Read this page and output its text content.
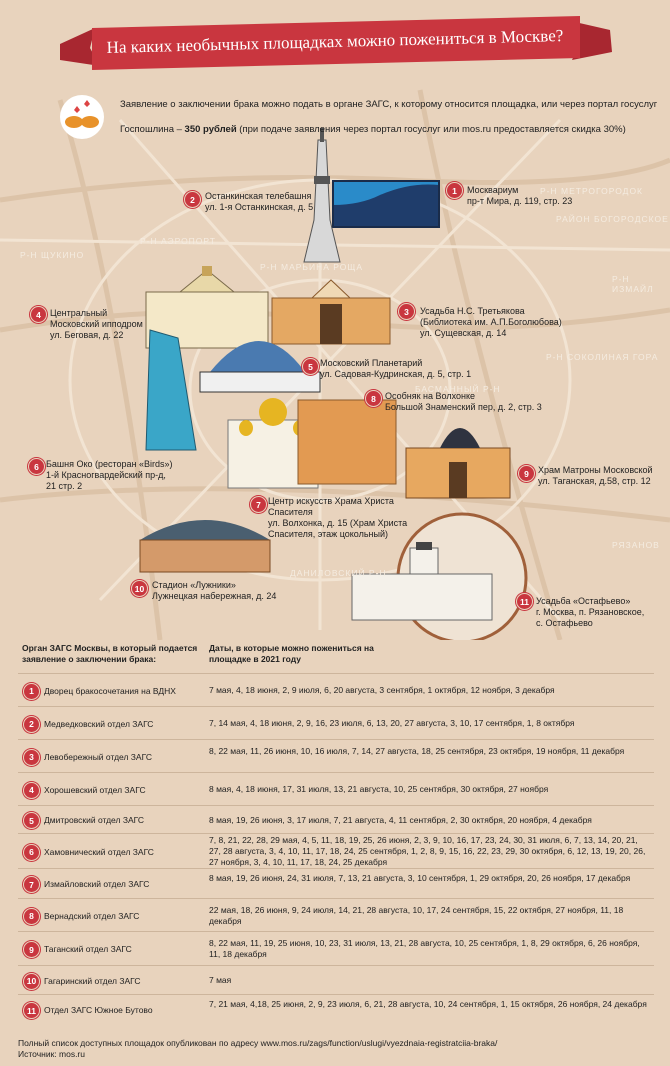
На каких необычных площадках можно пожениться в Москве?
Заявление о заключении брака можно подать в органе ЗАГС, к которому относится площадка, или через портал госуслуг
Госпошлина – 350 рублей (при подаче заявления через портал госуслуг или mos.ru предоставляется скидка 30%)
Р-Н ЩУКИНО
Р-Н АЭРОПОРТ
Р-Н МАРЬИНА РОЩА
Р-Н МЕТРОГОРОДОК
РАЙОН БОГОРОДСКОЕ
Р-Н СОКОЛИНАЯ ГОРА
БАСМАННЫЙ Р-Н
ДАНИЛОВСКИЙ Р-Н
РЯЗАНОВ
Р-Н ИЗМАЙЛ
1	Москвариум
пр-т Мира, д. 119, стр. 23
2	Останкинская телебашня
ул. 1-я Останкинская, д. 5
3	Усадьба Н.С. Третьякова
(Библиотека им. А.П.Боголюбова)
ул. Сущевская, д. 14
4	Центральный
Московский ипподром
ул. Беговая, д. 22
5 Московский Планетарий
ул. Садовая-Кудринская, д. 5, стр. 1
6 Башня Око (ресторан «Birds»)
1-й Красногвардейский пр-д,
21 стр. 2
7 Центр искусств Храма Христа
Спасителя
ул. Волхонка, д. 15 (Храм Христа
Спасителя, этаж цокольный)
8	Особняк на Волхонке
Большой Знаменский пер, д. 2, стр. 3
9	Храм Матроны Московской
ул. Таганская, д.58, стр. 12
10 Стадион «Лужники»
Лужнецкая набережная, д. 24
11 Усадьба «Остафьево»
г. Москва, п. Рязановское,
с. Остафьево
Орган ЗАГС Москвы, в который подается заявление о заключении брака:
Даты, в которые можно пожениться на площадке в 2021 году
1	Дворец бракосочетания на ВДНХ	7 мая, 4, 18 июня, 2, 9 июля, 6, 20 августа, 3 сентября, 1 октября, 12 ноября, 3 декабря
2	Медведковский отдел ЗАГС	7, 14 мая, 4, 18 июня, 2, 9, 16, 23 июля, 6, 13, 20, 27 августа, 3, 10, 17 сентября, 1, 8 октября
3	Левобережный отдел ЗАГС
8, 22 мая, 11, 26 июня, 10, 16 июля, 7, 14, 27 августа, 18, 25 сентября, 23 октября, 19 ноября, 11 декабря
4	Хорошевский отдел ЗАГС	8 мая, 4, 18 июня, 17, 31 июля, 13, 21 августа, 10, 25 сентября, 30 октября, 27 ноября
5	Дмитровский отдел ЗАГС	8 мая, 19, 26 июня, 3, 17 июля, 7, 21 августа, 4, 11 сентября, 2, 30 октября, 20 ноября, 4 декабря
6	Хамовнический отдел ЗАГС
7, 8, 21, 22, 28, 29 мая, 4, 5, 11, 18, 19, 25, 26 июня, 2, 3, 9, 10, 16, 17, 23, 24, 30, 31 июля, 6, 7, 13, 14, 20, 21, 27, 28 августа, 3, 4, 10, 11, 17, 18, 24, 25 сентября, 1, 2, 8, 9, 15, 16, 22, 23, 29, 30 октября, 6, 12, 13, 19, 20, 26, 27 ноября, 3, 4, 10, 11, 17, 18, 24, 25 декабря
7	Измайловский отдел ЗАГС
8 мая, 19, 26 июня, 24, 31 июля, 7, 13, 21 августа, 3, 10 сентября, 1, 29 октября, 20, 26 ноября, 17 декабря
8	Вернадский отдел ЗАГС
22 мая, 18, 26 июня, 9, 24 июля, 14, 21, 28 августа, 10, 17, 24 сентября, 15, 22 октября, 27 ноября, 11, 18 декабря
9	Таганский отдел ЗАГС
8, 22 мая, 11, 19, 25 июня, 10, 23, 31 июля, 13, 21, 28 августа, 10, 25 сентября, 1, 8, 29 октября, 6, 26 ноября, 11, 18 декабря
10 Гагаринский отдел ЗАГС	7 мая
11 Отдел ЗАГС Южное Бутово
7, 21 мая, 4,18, 25 июня, 2, 9, 23 июля, 6, 21, 28 августа, 10, 24 сентября, 1, 15 октября, 26 ноября, 24 декабря
Полный список доступных площадок опубликован по адресу www.mos.ru/zags/function/uslugi/vyezdnaia-registratciia-braka/
Источник: mos.ru
